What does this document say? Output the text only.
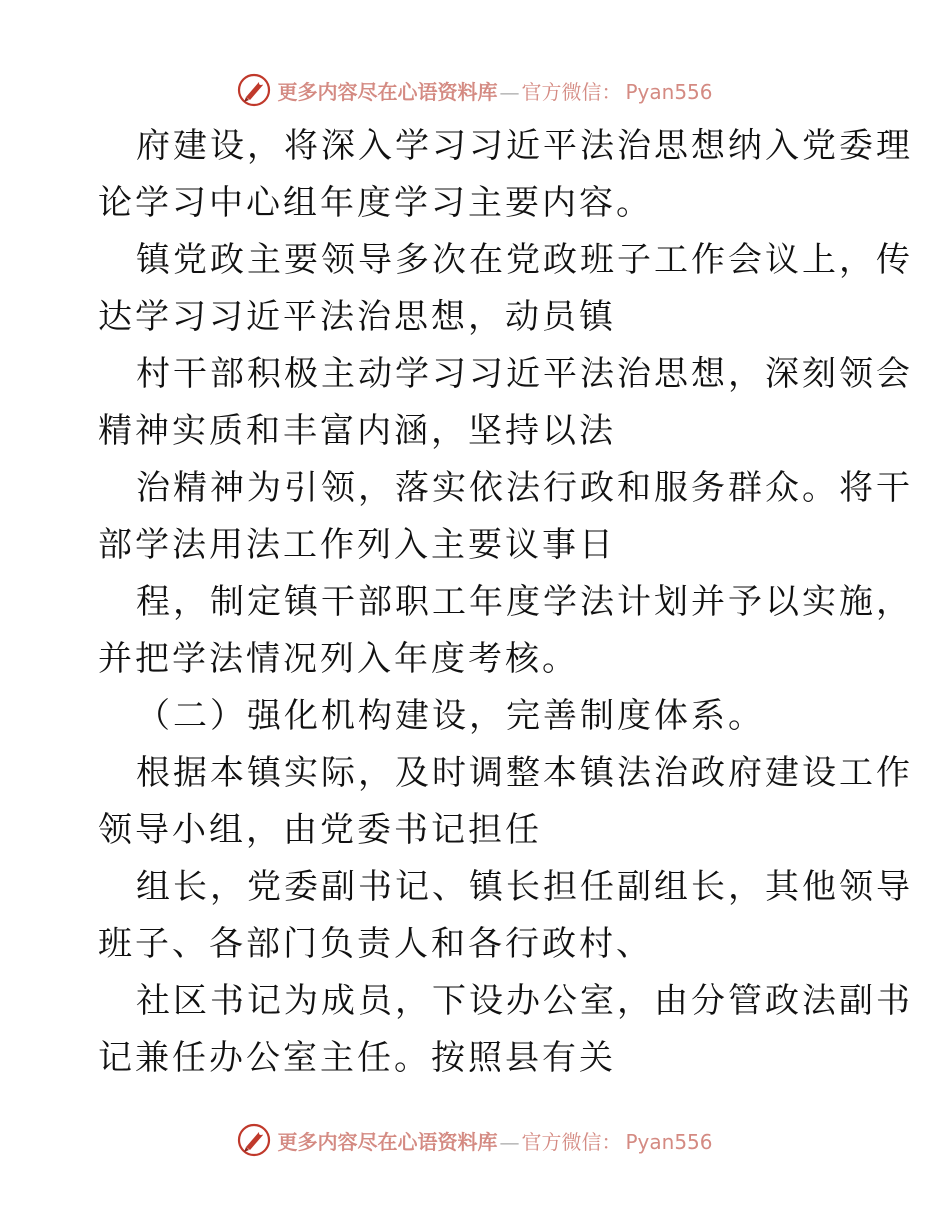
更多内容尽在心语资料库 — 官方微信： Pyan556
府建设，将深入学习习近平法治思想纳入党委理
论学习中心组年度学习主要内容。
镇党政主要领导多次在党政班子工作会议上，传
达学习习近平法治思想，动员镇
村干部积极主动学习习近平法治思想，深刻领会
精神实质和丰富内涵，坚持以法
治精神为引领，落实依法行政和服务群众。将干
部学法用法工作列入主要议事日
程，制定镇干部职工年度学法计划并予以实施，
并把学法情况列入年度考核。
（二）强化机构建设，完善制度体系。
根据本镇实际，及时调整本镇法治政府建设工作
领导小组，由党委书记担任
组长，党委副书记、镇长担任副组长，其他领导
班子、各部门负责人和各行政村、
社区书记为成员，下设办公室，由分管政法副书
记兼任办公室主任。按照县有关
更多内容尽在心语资料库 — 官方微信： Pyan556
